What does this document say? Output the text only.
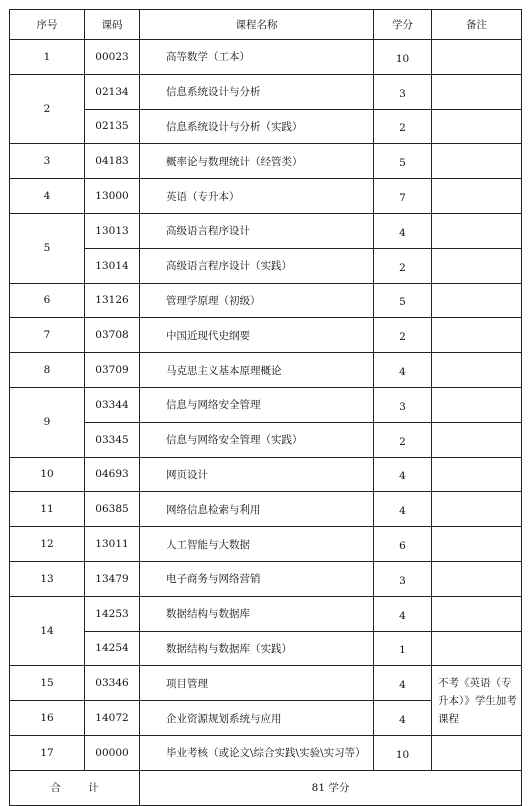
序号	课码	课程名称	学分	备注
1	00023	高等数学（工本）	10	
2	02134	信息系统设计与分析	3	
	02135	信息系统设计与分析（实践）	2	
3	04183	概率论与数理统计（经管类）	5	
4	13000	英语（专升本）	7	
5	13013	高级语言程序设计	4	
	13014	高级语言程序设计（实践）	2	
6	13126	管理学原理（初级）	5	
7	03708	中国近现代史纲要	2	
8	03709	马克思主义基本原理概论	4	
9	03344	信息与网络安全管理	3	
	03345	信息与网络安全管理（实践）	2	
10	04693	网页设计	4	
11	06385	网络信息检索与利用	4	
12	13011	人工智能与大数据	6	
13	13479	电子商务与网络营销	3	
14	14253	数据结构与数据库	4	
	14254	数据结构与数据库（实践）	1	
15	03346	项目管理	4	不考《英语（专升本）》学生加考课程
16	14072	企业资源规划系统与应用	4	
17	00000	毕业考核（或论文\综合实践\实验\实习等）	10	
合 计		81 学分		
